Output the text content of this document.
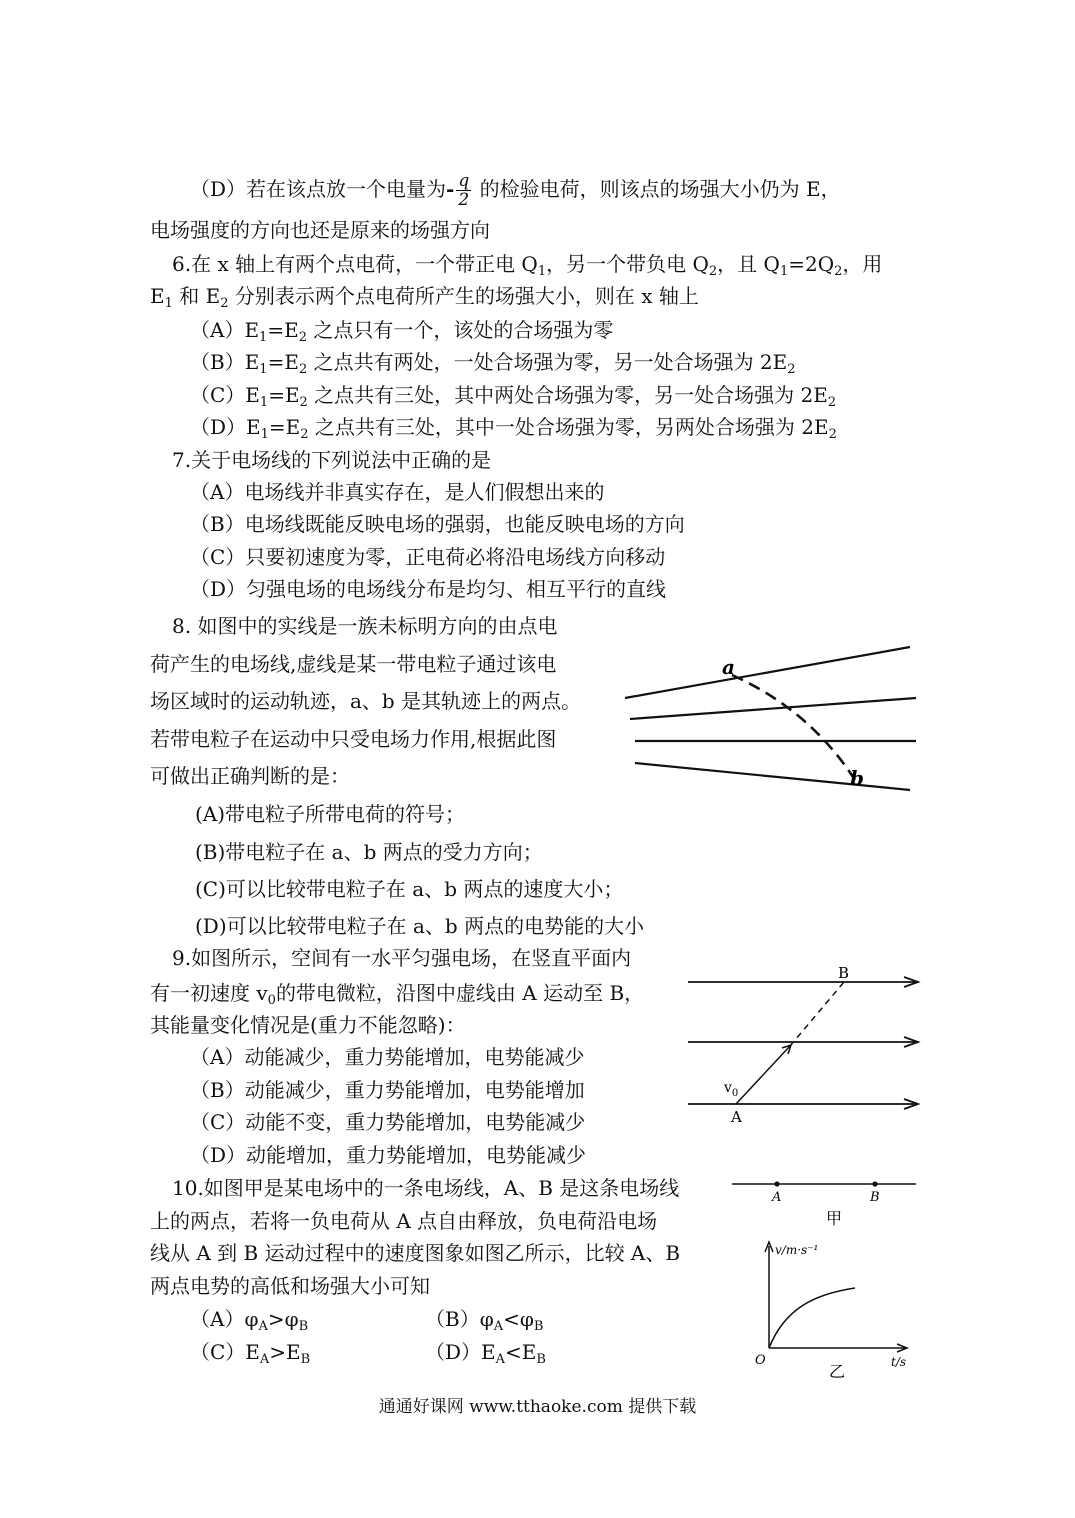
（D）若在该点放一个电量为- $\frac{q}{2}$ 的检验电荷，则该点的场强大小仍为 E，
电场强度的方向也还是原来的场强方向
6.在 x 轴上有两个点电荷，一个带正电 $Q_1$，另一个带负电 $Q_2$，且 $Q_1=2Q_2$，用
$E_1$ 和 $E_2$ 分别表示两个点电荷所产生的场强大小，则在 x 轴上
$(A)E_1=E_2$ 之点只有一个，该处的合场强为零
$(B)E_1=E_2$ 之点共有两处，一处合场强为零，另一处合场强为 $2E_2$
$(C)E_1=E_2$ 之点共有三处，其中两处合场强为零，另一处合场强为 $2E_2$
$(D)E_1=E_2$ 之点共有三处，其中一处合场强为零，另两处合场强为 $2E_2$
7.关于电场线的下列说法中正确的是
（A）电场线并非真实存在，是人们假想出来的
（B）电场线既能反映电场的强弱，也能反映电场的方向
（C）只要初速度为零，正电荷必将沿电场线方向移动
（D）匀强电场的电场线分布是均匀、相互平行的直线
8. 如图中的实线是一族未标明方向的由点电
荷产生的电场线,虚线是某一带电粒子通过该电
场区域时的运动轨迹，a、b 是其轨迹上的两点。
若带电粒子在运动中只受电场力作用,根据此图
可做出正确判断的是：
(A)带电粒子所带电荷的符号；
(B)带电粒子在 a、b 两点的受力方向；
(C)可以比较带电粒子在 a、b 两点的速度大小；
(D)可以比较带电粒子在 a、b 两点的电势能的大小
a
b
9.如图所示，空间有一水平匀强电场，在竖直平面内
有一初速度 $v_0$的带电微粒，沿图中虚线由 A 运动至 B，
其能量变化情况是(重力不能忽略)：
（A）动能减少，重力势能增加，电势能减少
（B）动能减少，重力势能增加，电势能增加
（C）动能不变，重力势能增加，电势能减少
（D）动能增加，重力势能增加，电势能减少
B
A
$v_0$
10.如图甲是某电场中的一条电场线，A、B 是这条电场线
上的两点，若将一负电荷从 A 点自由释放，负电荷沿电场
线从 A 到 B 运动过程中的速度图象如图乙所示，比较 A、B
两点电势的高低和场强大小可知
$(A)\varphi_A>\varphi_B$	$(B)\varphi_A<\varphi_B$
$(C)E_A>E_B$	$(D)E_A<E_B$
A	B
甲
v/m·s⁻¹
O	t/s
乙
通通好课网 www.tthaoke.com 提供下载
